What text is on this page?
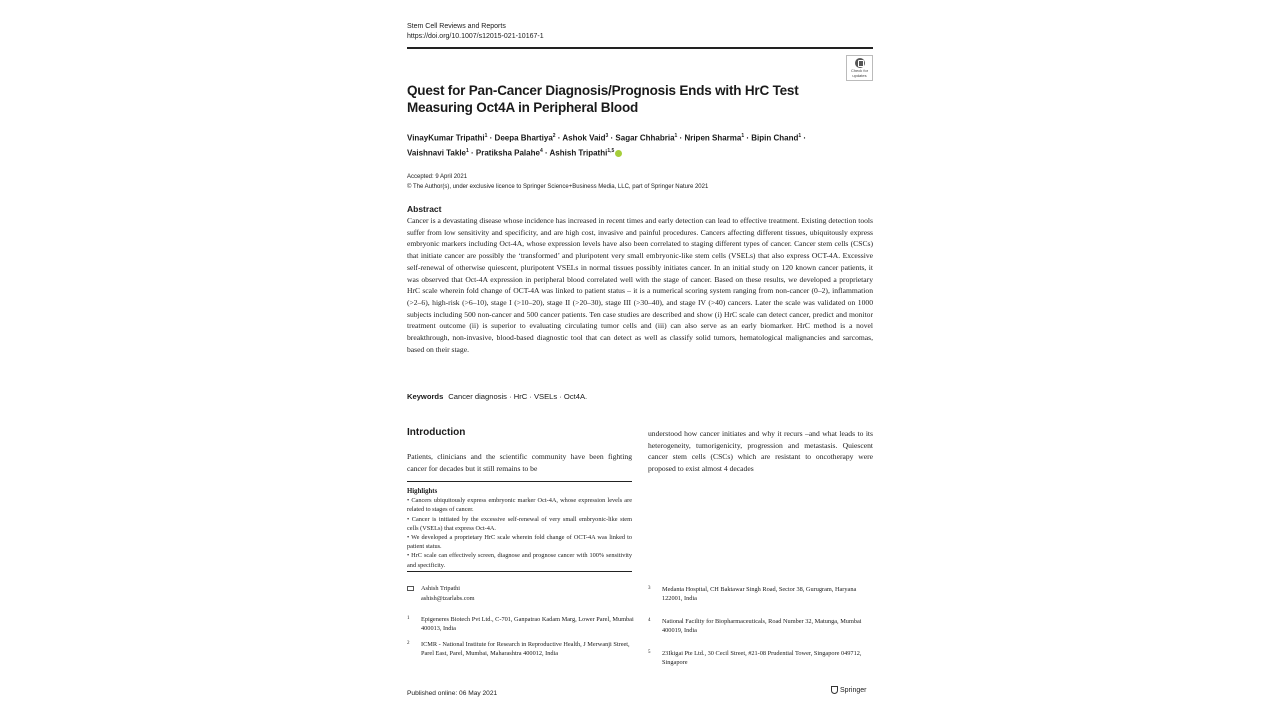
Stem Cell Reviews and Reports
https://doi.org/10.1007/s12015-021-10167-1
Check for updates
Quest for Pan-Cancer Diagnosis/Prognosis Ends with HrC Test
Measuring Oct4A in Peripheral Blood
VinayKumar Tripathi$^1$ · Deepa Bhartiya$^2$ · Ashok Vaid$^3$ · Sagar Chhabria$^1$ · Nripen Sharma$^1$ · Bipin Chand$^1$ ·
Vaishnavi Takle$^1$ · Pratiksha Palahe$^4$ · Ashish Tripathi$^{1,5}$
Accepted: 9 April 2021
© The Author(s), under exclusive licence to Springer Science+Business Media, LLC, part of Springer Nature 2021
Abstract
Cancer is a devastating disease whose incidence has increased in recent times and early detection can lead to effective treatment. Existing detection tools suffer from low sensitivity and specificity, and are high cost, invasive and painful procedures. Cancers affecting different tissues, ubiquitously express embryonic markers including Oct-4A, whose expression levels have also been correlated to staging different types of cancer. Cancer stem cells (CSCs) that initiate cancer are possibly the ‘transformed’ and pluripotent very small embryonic-like stem cells (VSELs) that also express OCT-4A. Excessive self-renewal of otherwise quiescent, pluripotent VSELs in normal tissues possibly initiates cancer. In an initial study on 120 known cancer patients, it was observed that Oct-4A expression in peripheral blood correlated well with the stage of cancer. Based on these results, we developed a proprietary HrC scale wherein fold change of OCT-4A was linked to patient status – it is a numerical scoring system ranging from non-cancer (0–2), inflammation (>2–6), high-risk (>6–10), stage I (>10–20), stage II (>20–30), stage III (>30–40), and stage IV (>40) cancers. Later the scale was validated on 1000 subjects including 500 non-cancer and 500 cancer patients. Ten case studies are described and show (i) HrC scale can detect cancer, predict and monitor treatment outcome (ii) is superior to evaluating circulating tumor cells and (iii) can also serve as an early biomarker. HrC method is a novel breakthrough, non-invasive, blood-based diagnostic tool that can detect as well as classify solid tumors, hematological malignancies and sarcomas, based on their stage.
Keywords Cancer diagnosis · HrC · VSELs · Oct4A.
Introduction
Patients, clinicians and the scientific community have been fighting cancer for decades but it still remains to be
understood how cancer initiates and why it recurs –and what leads to its heterogeneity, tumorigenicity, progression and metastasis. Quiescent cancer stem cells (CSCs) which are resistant to oncotherapy were proposed to exist almost 4 decades
Highlights
• Cancers ubiquitously express embryonic marker Oct-4A, whose expression levels are related to stages of cancer.
• Cancer is initiated by the excessive self-renewal of very small embryonic-like stem cells (VSELs) that express Oct-4A.
• We developed a proprietary HrC scale wherein fold change of OCT-4A was linked to patient status.
• HrC scale can effectively screen, diagnose and prognose cancer with 100% sensitivity and specificity.
Ashish Tripathi
ashish@tzarlabs.com
1 Epigeneres Biotech Pvt Ltd., C-701, Ganpatrao Kadam Marg, Lower Parel, Mumbai 400013, India
2 ICMR - National Institute for Research in Reproductive Health, J Merwanji Street, Parel East, Parel, Mumbai, Maharashtra 400012, India
3 Medanta Hospital, CH Baktawar Singh Road, Sector 38, Gurugram, Haryana 122001, India
4 National Facility for Biopharmaceuticals, Road Number 32, Matunga, Mumbai 400019, India
5 23Ikigai Pte Ltd., 30 Cecil Street, #21-08 Prudential Tower, Singapore 049712, Singapore
Published online: 06 May 2021	Springer
